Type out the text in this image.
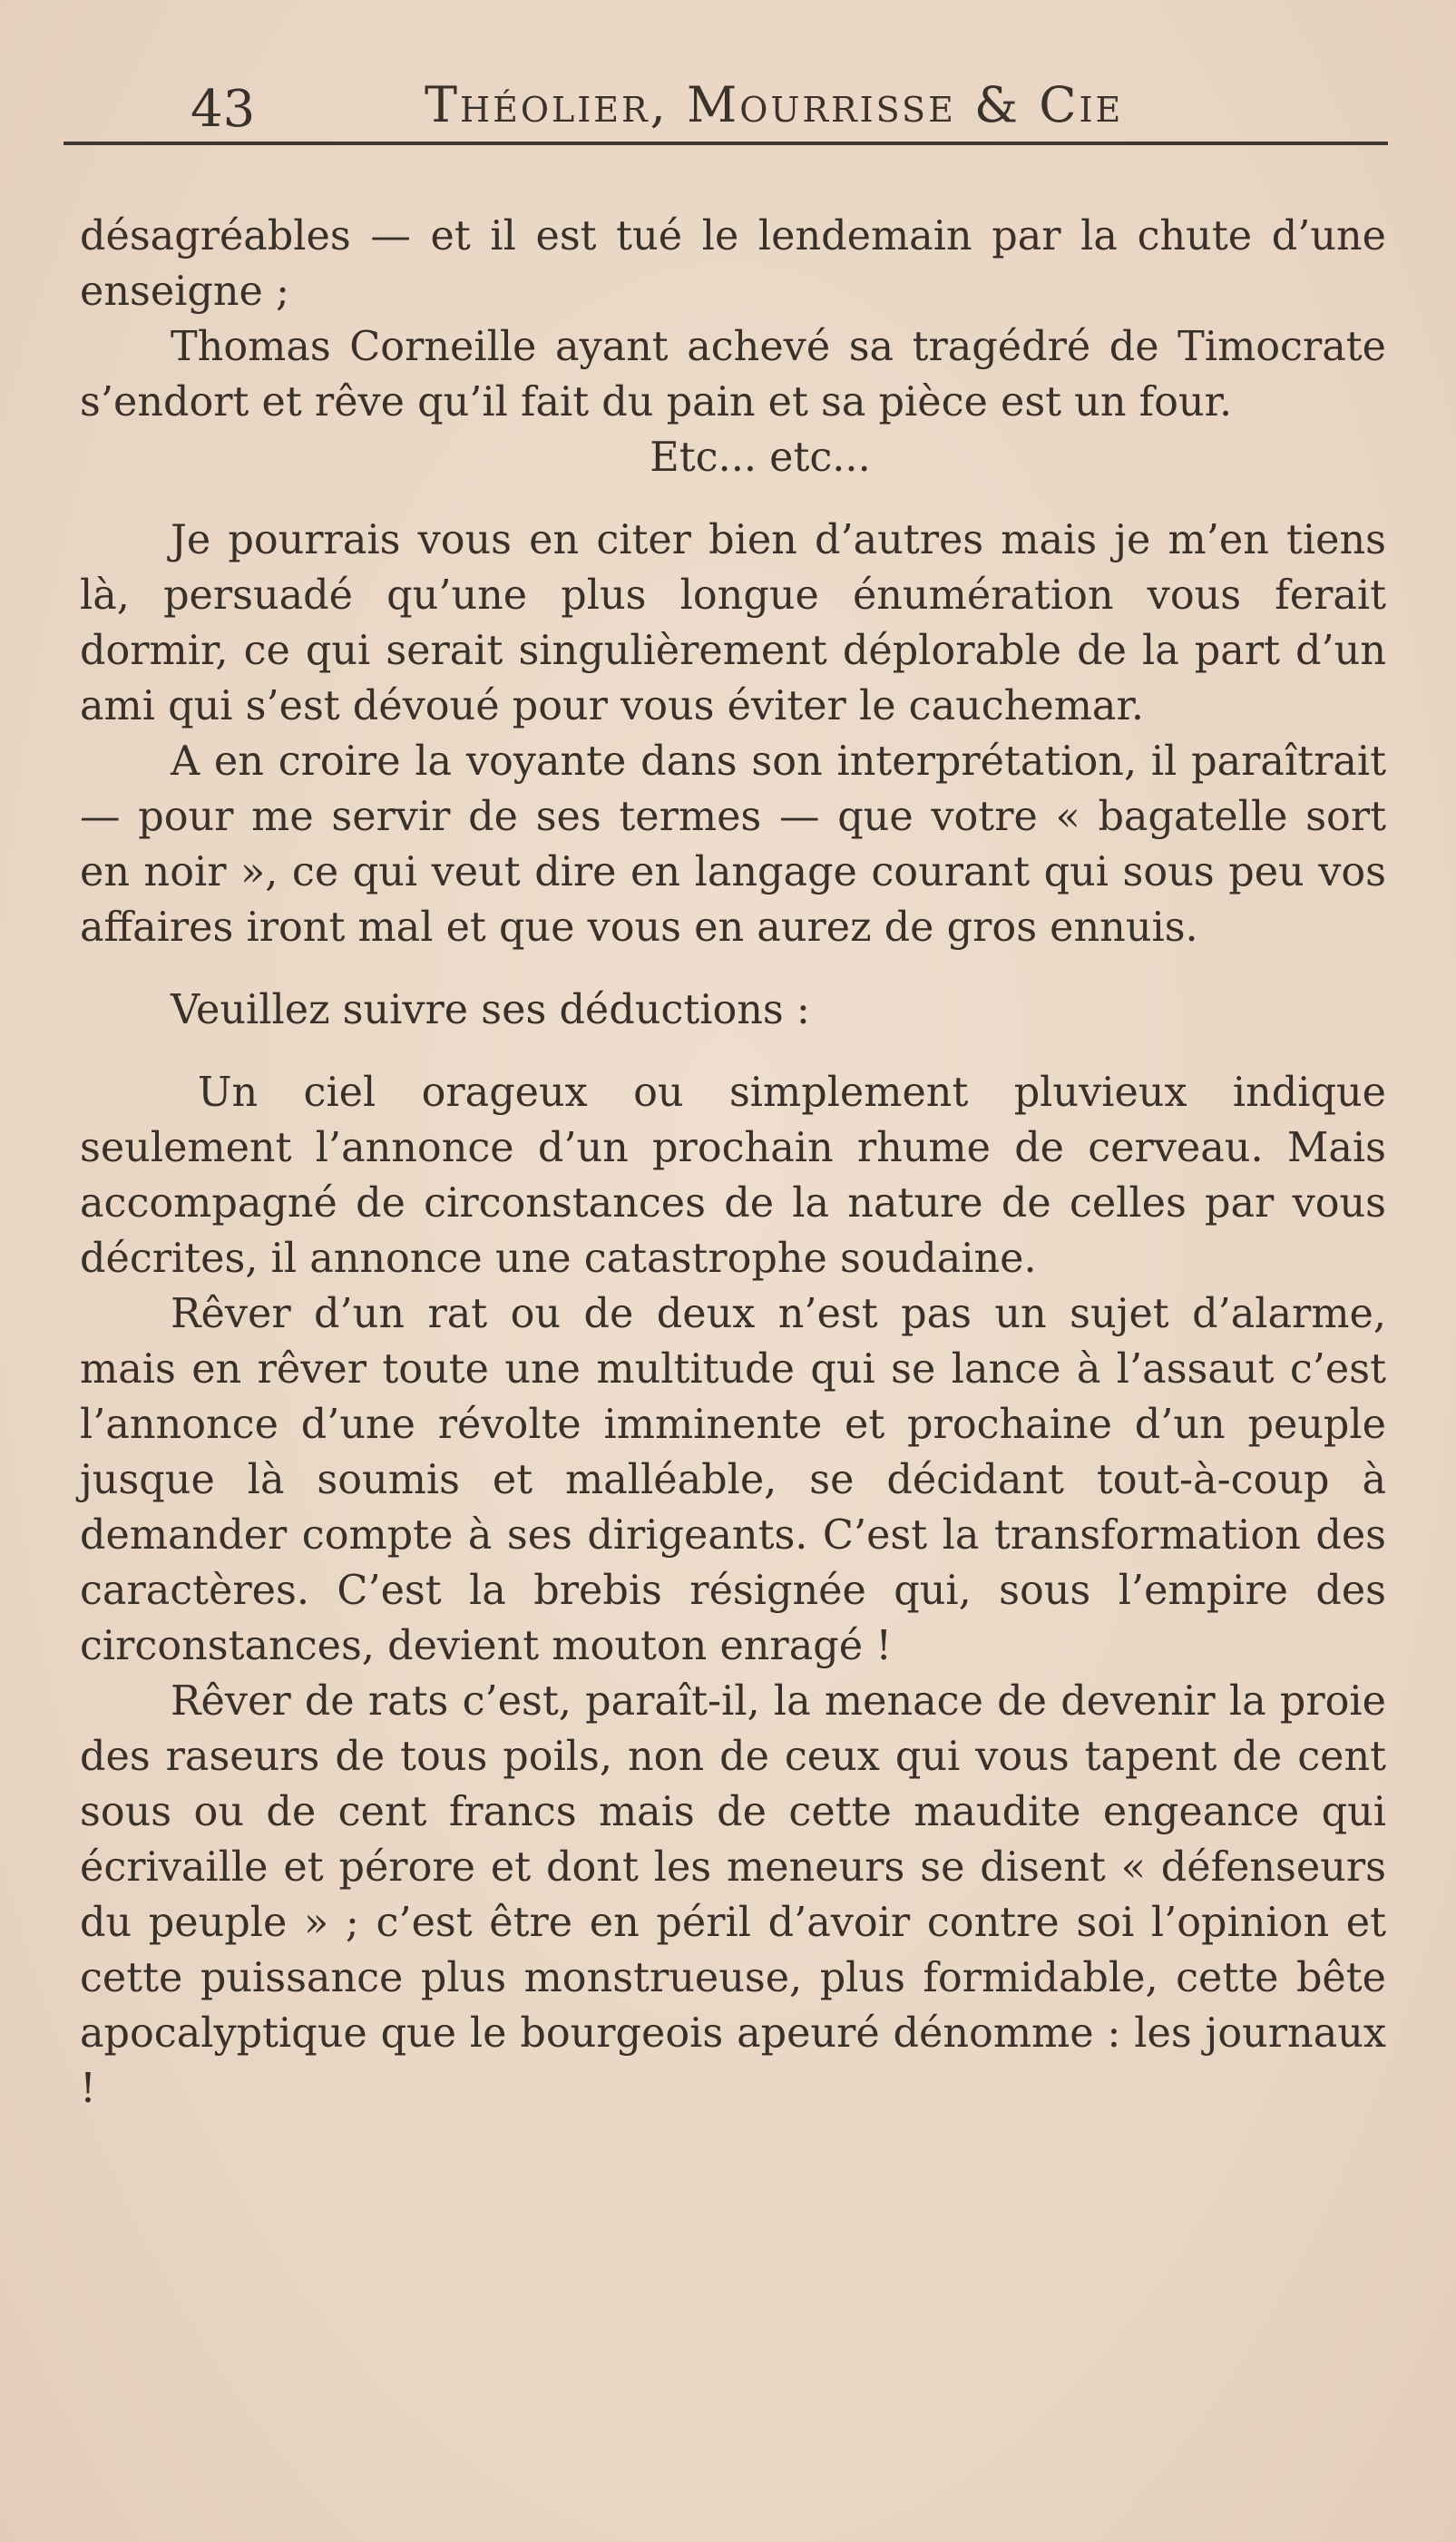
43	Théolier, Mourrisse & Cie

désagréables — et il est tué le lendemain par la chute d’une enseigne ;

Thomas Corneille ayant achevé sa tragédré de Timocrate s’endort et rêve qu’il fait du pain et sa pièce est un four.

Etc... etc...

Je pourrais vous en citer bien d’autres mais je m’en tiens là, persuadé qu’une plus longue énumération vous ferait dormir, ce qui serait singulièrement déplorable de la part d’un ami qui s’est dévoué pour vous éviter le cauchemar.

A en croire la voyante dans son interprétation, il paraîtrait — pour me servir de ses termes — que votre « bagatelle sort en noir », ce qui veut dire en langage courant qui sous peu vos affaires iront mal et que vous en aurez de gros ennuis.

Veuillez suivre ses déductions :

Un ciel orageux ou simplement pluvieux indique seulement l’annonce d’un prochain rhume de cerveau. Mais accompagné de circonstances de la nature de celles par vous décrites, il annonce une catastrophe soudaine.

Rêver d’un rat ou de deux n’est pas un sujet d’alarme, mais en rêver toute une multitude qui se lance à l’assaut c’est l’annonce d’une révolte imminente et prochaine d’un peuple jusque là soumis et malléable, se décidant tout-à-coup à demander compte à ses dirigeants. C’est la transformation des caractères. C’est la brebis résignée qui, sous l’empire des circonstances, devient mouton enragé !

Rêver de rats c’est, paraît-il, la menace de devenir la proie des raseurs de tous poils, non de ceux qui vous tapent de cent sous ou de cent francs mais de cette maudite engeance qui écrivaille et pérore et dont les meneurs se disent « défenseurs du peuple » ; c’est être en péril d’avoir contre soi l’opinion et cette puissance plus monstrueuse, plus formidable, cette bête apocalyptique que le bourgeois apeuré dénomme : les journaux !
